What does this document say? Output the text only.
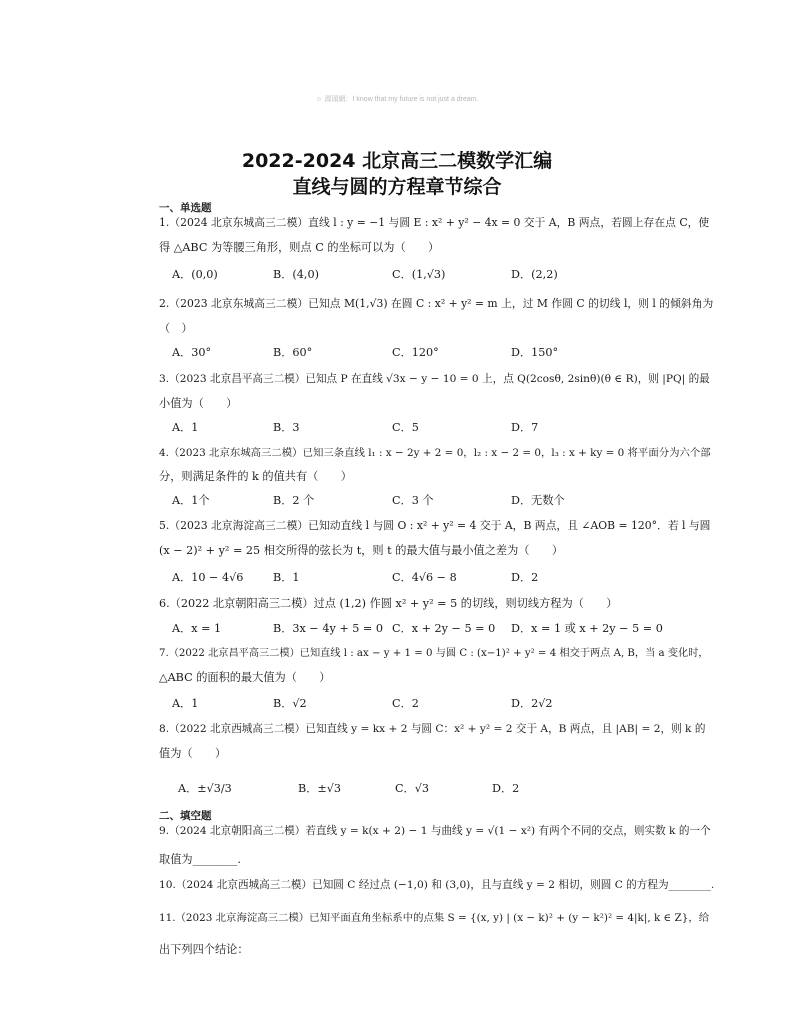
☺ 源頭網：I know that my future is not just a dream.
2022-2024 北京高三二模数学汇编
直线与圆的方程章节综合
一、单选题
1.（2024 北京东城高三二模）直线 l : y = −1 与圆 E : x² + y² − 4x = 0 交于 A，B 两点，若圆上存在点 C，使
得 △ABC 为等腰三角形，则点 C 的坐标可以为（　　）
A．(0,0)	B．(4,0)	C．(1,√3)	D．(2,2)
2.（2023 北京东城高三二模）已知点 M(1,√3) 在圆 C : x² + y² = m 上，过 M 作圆 C 的切线 l，则 l 的倾斜角为
（　）
A．30°	B．60°	C．120°	D．150°
3.（2023 北京昌平高三二模）已知点 P 在直线 √3x − y − 10 = 0 上，点 Q(2cosθ, 2sinθ)(θ ∈ R)，则 |PQ| 的最
小值为（　　）
A．1	B．3	C．5	D．7
4.（2023 北京东城高三二模）已知三条直线 l₁ : x − 2y + 2 = 0，l₂ : x − 2 = 0，l₃ : x + ky = 0 将平面分为六个部
分，则满足条件的 k 的值共有（　　）
A．1个	B．2 个	C．3 个	D．无数个
5.（2023 北京海淀高三二模）已知动直线 l 与圆 O : x² + y² = 4 交于 A，B 两点，且 ∠AOB = 120°．若 l 与圆
(x − 2)² + y² = 25 相交所得的弦长为 t，则 t 的最大值与最小值之差为（　　）
A．10 − 4√6	B．1	C．4√6 − 8	D．2
6.（2022 北京朝阳高三二模）过点 (1,2) 作圆 x² + y² = 5 的切线，则切线方程为（　　）
A．x = 1	B．3x − 4y + 5 = 0 C．x + 2y − 5 = 0 D．x = 1 或 x + 2y − 5 = 0
7.（2022 北京昌平高三二模）已知直线 l : ax − y + 1 = 0 与圆 C : (x−1)² + y² = 4 相交于两点 A, B，当 a 变化时，
△ABC 的面积的最大值为（　　）
A．1	B．√2	C．2	D．2√2
8.（2022 北京西城高三二模）已知直线 y = kx + 2 与圆 C：x² + y² = 2 交于 A，B 两点，且 |AB| = 2，则 k 的
值为（　　）
A．±√3/3	B．±√3	C．√3	D．2
二、填空题
9.（2024 北京朝阳高三二模）若直线 y = k(x + 2) − 1 与曲线 y = √(1 − x²) 有两个不同的交点，则实数 k 的一个
取值为________.
10.（2024 北京西城高三二模）已知圆 C 经过点 (−1,0) 和 (3,0)，且与直线 y = 2 相切，则圆 C 的方程为________.
11.（2023 北京海淀高三二模）已知平面直角坐标系中的点集 S = {(x, y) | (x − k)² + (y − k²)² = 4|k|, k ∈ Z}，给
出下列四个结论：
